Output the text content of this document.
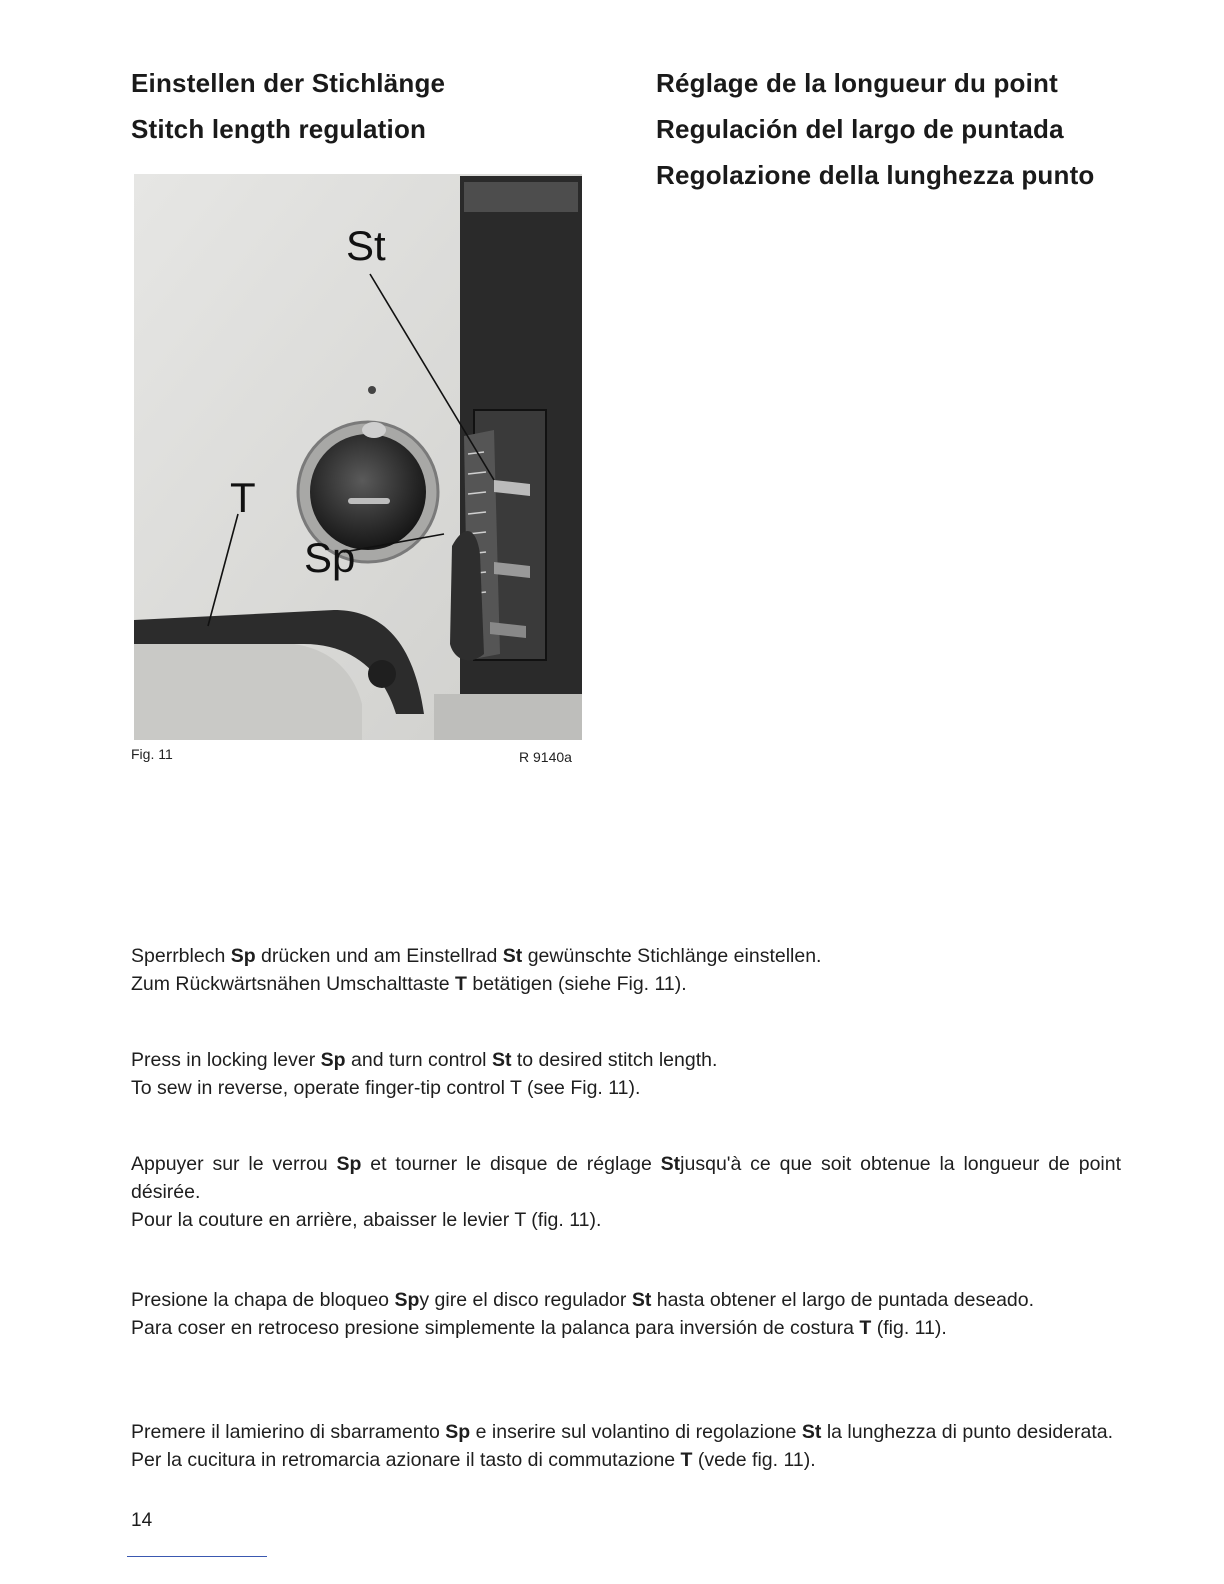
Einstellen der Stichlänge
Stitch length regulation
Réglage de la longueur du point
Regulación del largo de puntada
Regolazione della lunghezza punto
St
Sp
T
Fig. 11	R 9140a

Sperrblech Sp drücken und am Einstellrad St gewünschte Stichlänge einstellen.

Zum Rückwärtsnähen Umschalttaste T betätigen (siehe Fig. 11).

Press in locking lever Sp and turn control St to desired stitch length.

To sew in reverse, operate finger-tip control T (see Fig. 11).

Appuyer sur le verrou Sp et tourner le disque de réglage Stjusqu'à ce que soit obtenue la longueur de point désirée.

Pour la couture en arrière, abaisser le levier T (fig. 11).

Presione la chapa de bloqueo Spy gire el disco regulador St hasta obtener el largo de puntada deseado.

Para coser en retroceso presione simplemente la palanca para inversión de costura T (fig. 11).

Premere il lamierino di sbarramento Sp e inserire sul volantino di regolazione St la lunghezza di punto desiderata.

Per la cucitura in retromarcia azionare il tasto di commutazione T (vede fig. 11).

14
